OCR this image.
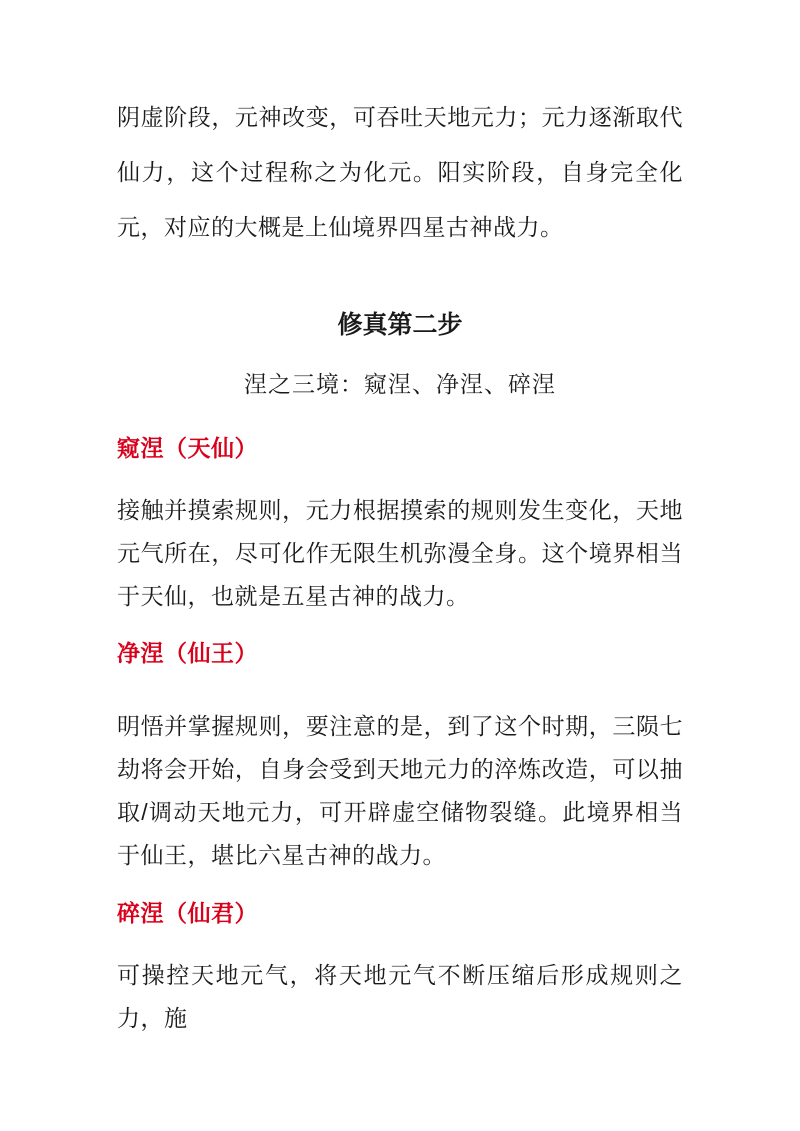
阴虚阶段，元神改变，可吞吐天地元力；元力逐渐取代仙力，这个过程称之为化元。阳实阶段，自身完全化元，对应的大概是上仙境界四星古神战力。

修真第二步

涅之三境：窥涅、净涅、碎涅

窥涅（天仙）

接触并摸索规则，元力根据摸索的规则发生变化，天地元气所在，尽可化作无限生机弥漫全身。这个境界相当于天仙，也就是五星古神的战力。

净涅（仙王）

明悟并掌握规则，要注意的是，到了这个时期，三陨七劫将会开始，自身会受到天地元力的淬炼改造，可以抽取/调动天地元力，可开辟虚空储物裂缝。此境界相当于仙王，堪比六星古神的战力。

碎涅（仙君）

可操控天地元气，将天地元气不断压缩后形成规则之力，施
